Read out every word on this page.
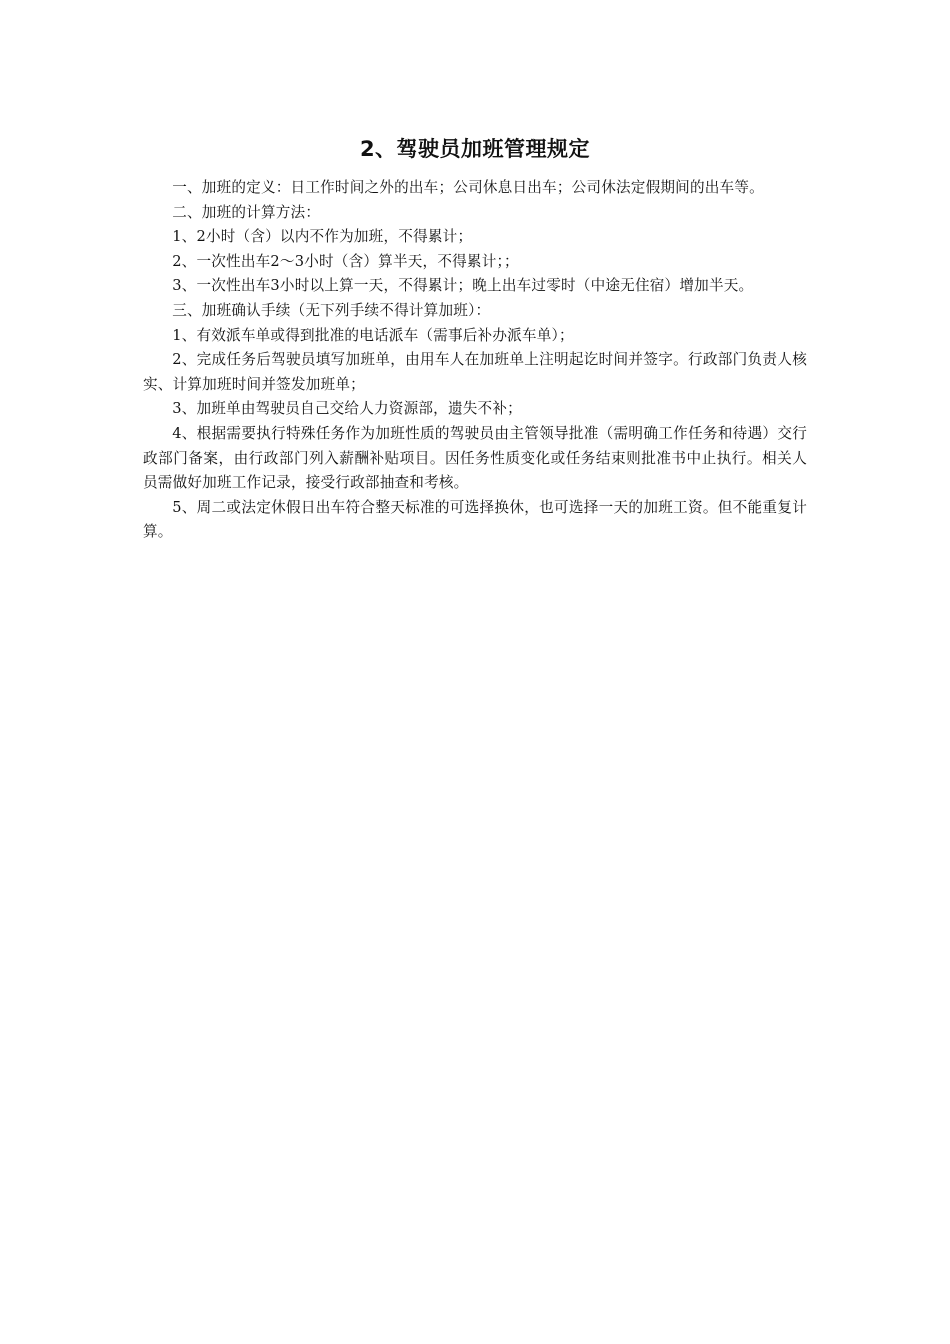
2、驾驶员加班管理规定

一、加班的定义：日工作时间之外的出车；公司休息日出车；公司休法定假期间的出车等。

二、加班的计算方法：

1、2小时（含）以内不作为加班，不得累计；

2、一次性出车2～3小时（含）算半天，不得累计；；

3、一次性出车3小时以上算一天，不得累计；晚上出车过零时（中途无住宿）增加半天。

三、加班确认手续（无下列手续不得计算加班）：

1、有效派车单或得到批准的电话派车（需事后补办派车单）；

2、完成任务后驾驶员填写加班单，由用车人在加班单上注明起讫时间并签字。行政部门负责人核实、计算加班时间并签发加班单；

3、加班单由驾驶员自己交给人力资源部，遗失不补；

4、根据需要执行特殊任务作为加班性质的驾驶员由主管领导批准（需明确工作任务和待遇）交行政部门备案，由行政部门列入薪酬补贴项目。因任务性质变化或任务结束则批准书中止执行。相关人员需做好加班工作记录，接受行政部抽查和考核。

5、周二或法定休假日出车符合整天标准的可选择换休，也可选择一天的加班工资。但不能重复计算。
